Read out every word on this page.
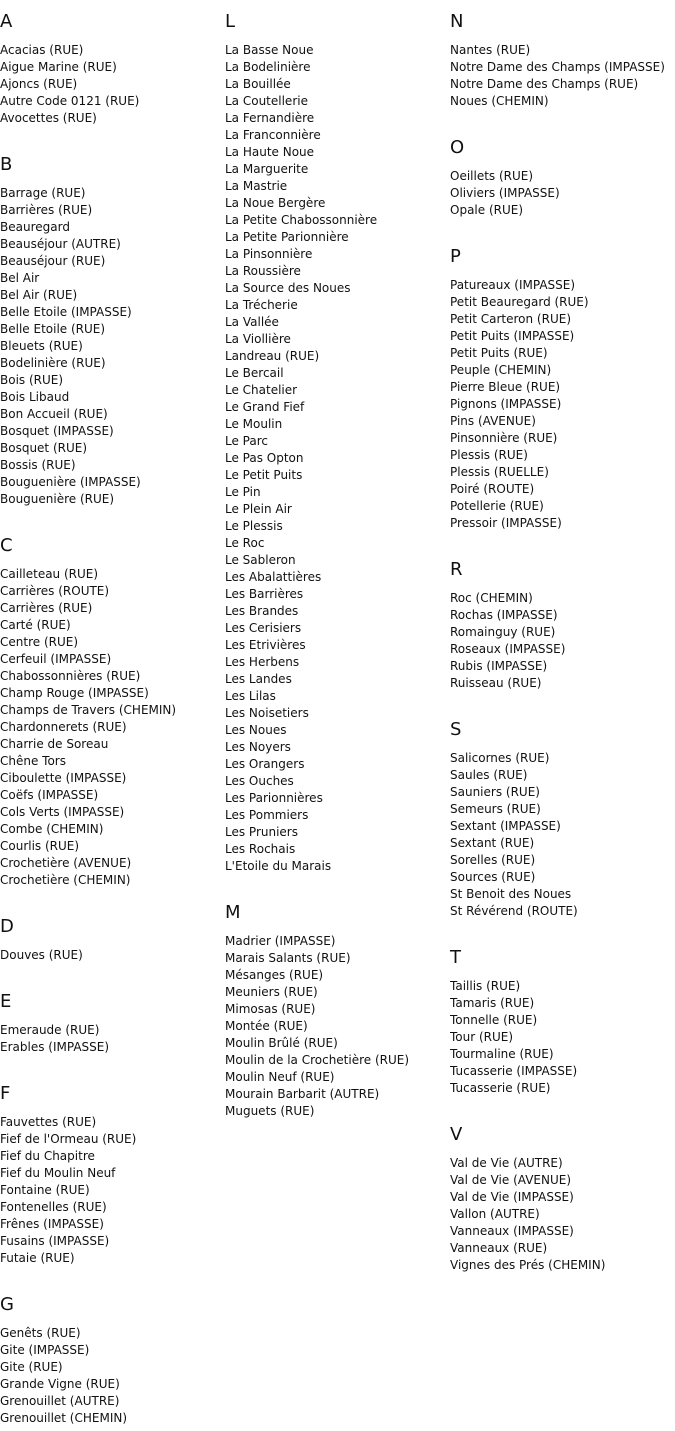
A
Acacias (RUE)
Aigue Marine (RUE)
Ajoncs (RUE)
Autre Code 0121 (RUE)
Avocettes (RUE)
B
Barrage (RUE)
Barrières (RUE)
Beauregard
Beauséjour (AUTRE)
Beauséjour (RUE)
Bel Air
Bel Air (RUE)
Belle Etoile (IMPASSE)
Belle Etoile (RUE)
Bleuets (RUE)
Bodelinière (RUE)
Bois (RUE)
Bois Libaud
Bon Accueil (RUE)
Bosquet (IMPASSE)
Bosquet (RUE)
Bossis (RUE)
Bouguenière (IMPASSE)
Bouguenière (RUE)
C
Cailleteau (RUE)
Carrières (ROUTE)
Carrières (RUE)
Carté (RUE)
Centre (RUE)
Cerfeuil (IMPASSE)
Chabossonnières (RUE)
Champ Rouge (IMPASSE)
Champs de Travers (CHEMIN)
Chardonnerets (RUE)
Charrie de Soreau
Chêne Tors
Ciboulette (IMPASSE)
Coëfs (IMPASSE)
Cols Verts (IMPASSE)
Combe (CHEMIN)
Courlis (RUE)
Crochetière (AVENUE)
Crochetière (CHEMIN)
D
Douves (RUE)
E
Emeraude (RUE)
Erables (IMPASSE)
F
Fauvettes (RUE)
Fief de l'Ormeau (RUE)
Fief du Chapitre
Fief du Moulin Neuf
Fontaine (RUE)
Fontenelles (RUE)
Frênes (IMPASSE)
Fusains (IMPASSE)
Futaie (RUE)
G
Genêts (RUE)
Gite (IMPASSE)
Gite (RUE)
Grande Vigne (RUE)
Grenouillet (AUTRE)
Grenouillet (CHEMIN)
L
La Basse Noue
La Bodelinière
La Bouillée
La Coutellerie
La Fernandière
La Franconnière
La Haute Noue
La Marguerite
La Mastrie
La Noue Bergère
La Petite Chabossonnière
La Petite Parionnière
La Pinsonnière
La Roussière
La Source des Noues
La Trécherie
La Vallée
La Viollière
Landreau (RUE)
Le Bercail
Le Chatelier
Le Grand Fief
Le Moulin
Le Parc
Le Pas Opton
Le Petit Puits
Le Pin
Le Plein Air
Le Plessis
Le Roc
Le Sableron
Les Abalattières
Les Barrières
Les Brandes
Les Cerisiers
Les Etrivières
Les Herbens
Les Landes
Les Lilas
Les Noisetiers
Les Noues
Les Noyers
Les Orangers
Les Ouches
Les Parionnières
Les Pommiers
Les Pruniers
Les Rochais
L'Etoile du Marais
M
Madrier (IMPASSE)
Marais Salants (RUE)
Mésanges (RUE)
Meuniers (RUE)
Mimosas (RUE)
Montée (RUE)
Moulin Brûlé (RUE)
Moulin de la Crochetière (RUE)
Moulin Neuf (RUE)
Mourain Barbarit (AUTRE)
Muguets (RUE)
N
Nantes (RUE)
Notre Dame des Champs (IMPASSE)
Notre Dame des Champs (RUE)
Noues (CHEMIN)
O
Oeillets (RUE)
Oliviers (IMPASSE)
Opale (RUE)
P
Patureaux (IMPASSE)
Petit Beauregard (RUE)
Petit Carteron (RUE)
Petit Puits (IMPASSE)
Petit Puits (RUE)
Peuple (CHEMIN)
Pierre Bleue (RUE)
Pignons (IMPASSE)
Pins (AVENUE)
Pinsonnière (RUE)
Plessis (RUE)
Plessis (RUELLE)
Poiré (ROUTE)
Potellerie (RUE)
Pressoir (IMPASSE)
R
Roc (CHEMIN)
Rochas (IMPASSE)
Romainguy (RUE)
Roseaux (IMPASSE)
Rubis (IMPASSE)
Ruisseau (RUE)
S
Salicornes (RUE)
Saules (RUE)
Sauniers (RUE)
Semeurs (RUE)
Sextant (IMPASSE)
Sextant (RUE)
Sorelles (RUE)
Sources (RUE)
St Benoit des Noues
St Révérend (ROUTE)
T
Taillis (RUE)
Tamaris (RUE)
Tonnelle (RUE)
Tour (RUE)
Tourmaline (RUE)
Tucasserie (IMPASSE)
Tucasserie (RUE)
V
Val de Vie (AUTRE)
Val de Vie (AVENUE)
Val de Vie (IMPASSE)
Vallon (AUTRE)
Vanneaux (IMPASSE)
Vanneaux (RUE)
Vignes des Prés (CHEMIN)
